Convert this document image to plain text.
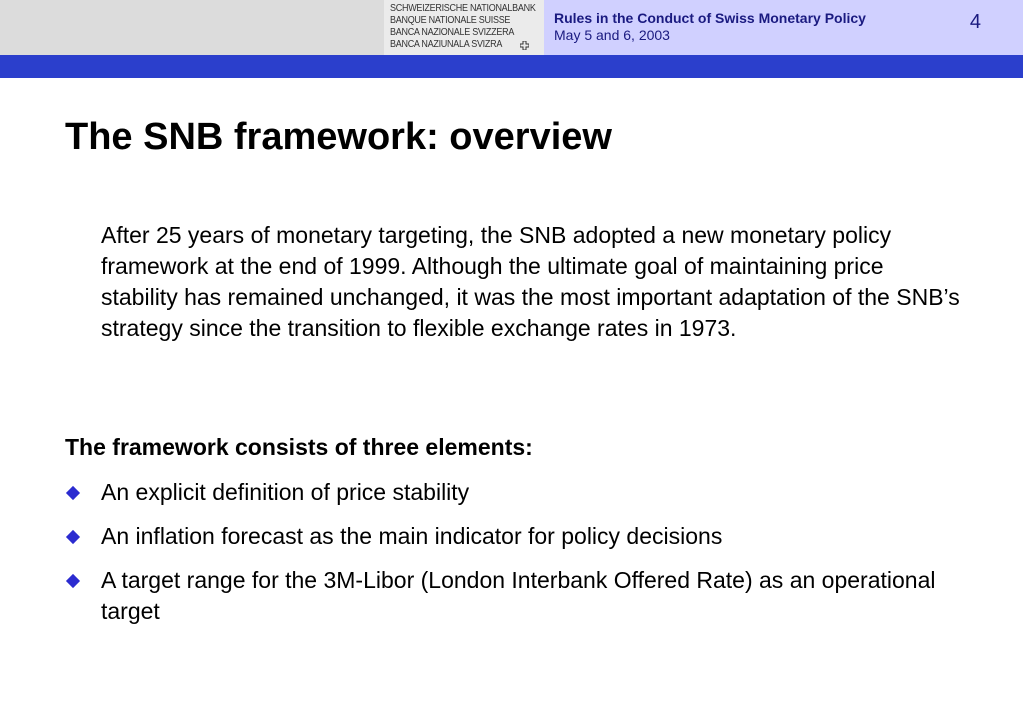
SCHWEIZERISCHE NATIONALBANK
BANQUE NATIONALE SUISSE
BANCA NAZIONALE SVIZZERA
BANCA NAZIUNALA SVIZRA
Rules in the Conduct of Swiss Monetary Policy
May 5 and 6, 2003
4
The SNB framework: overview

After 25 years of monetary targeting, the SNB adopted a new monetary policy framework at the end of 1999. Although the ultimate goal of maintaining price stability has remained unchanged, it was the most important adaptation of the SNB’s strategy since the transition to flexible exchange rates in 1973.

The framework consists of three elements:
An explicit definition of price stability
An inflation forecast as the main indicator for policy decisions
A target range for the 3M-Libor (London Interbank Offered Rate) as an operational target
